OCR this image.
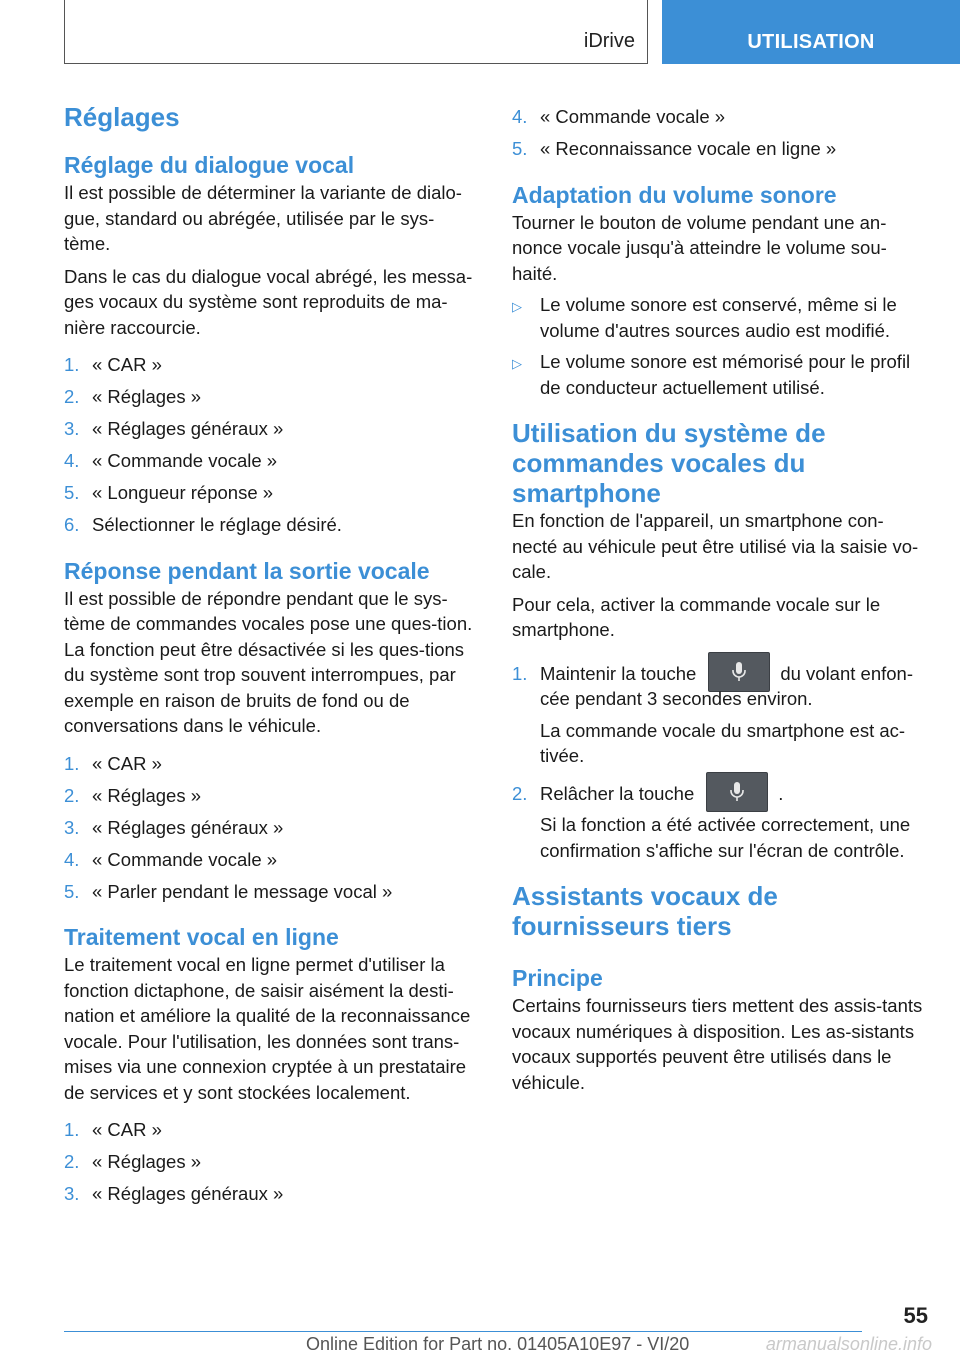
iDrive	UTILISATION
Réglages
Réglage du dialogue vocal

Il est possible de déterminer la variante de dialo-gue, standard ou abrégée, utilisée par le sys-tème.

Dans le cas du dialogue vocal abrégé, les messa-ges vocaux du système sont reproduits de ma-nière raccourcie.

1. « CAR »
2. « Réglages »
3. « Réglages généraux »
4. « Commande vocale »
5. « Longueur réponse »
6. Sélectionner le réglage désiré.
Réponse pendant la sortie vocale

Il est possible de répondre pendant que le sys-tème de commandes vocales pose une ques-tion. La fonction peut être désactivée si les ques-tions du système sont trop souvent interrompues, par exemple en raison de bruits de fond ou de conversations dans le véhicule.

1. « CAR »
2. « Réglages »
3. « Réglages généraux »
4. « Commande vocale »
5. « Parler pendant le message vocal »
Traitement vocal en ligne

Le traitement vocal en ligne permet d'utiliser la fonction dictaphone, de saisir aisément la desti-nation et améliore la qualité de la reconnaissance vocale. Pour l'utilisation, les données sont trans-mises via une connexion cryptée à un prestataire de services et y sont stockées localement.

1. « CAR »
2. « Réglages »
3. « Réglages généraux »
4. « Commande vocale »
5. « Reconnaissance vocale en ligne »
Adaptation du volume sonore

Tourner le bouton de volume pendant une an-nonce vocale jusqu'à atteindre le volume sou-haité.

▷ Le volume sonore est conservé, même si le volume d'autres sources audio est modifié.
▷ Le volume sonore est mémorisé pour le profil de conducteur actuellement utilisé.
Utilisation du système de commandes vocales du smartphone

En fonction de l'appareil, un smartphone con-necté au véhicule peut être utilisé via la saisie vo-cale.

Pour cela, activer la commande vocale sur le smartphone.

1. Maintenir la touche	du volant enfon-cée pendant 3 secondes environ.

La commande vocale du smartphone est ac-tivée.

2. Relâcher la touche	.

Si la fonction a été activée correctement, une confirmation s'affiche sur l'écran de contrôle.

Assistants vocaux de fournisseurs tiers
Principe

Certains fournisseurs tiers mettent des assis-tants vocaux numériques à disposition. Les as-sistants vocaux supportés peuvent être utilisés dans le véhicule.

55
Online Edition for Part no. 01405A10E97 - VI/20	armanualsonline.info
